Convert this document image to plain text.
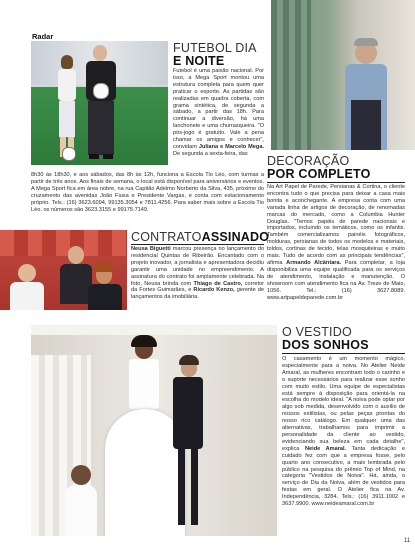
Radar
FUTEBOL DIA
E NOITE
Futebol é uma paixão nacional. Por isso, a Mega Sport montou uma estrutura completa para quem quer praticar o esporte. As partidas são realizadas em quadra coberta, com grama sintética, de segunda a sábado, a partir das 18h. Para continuar a diversão, há uma lanchonete e uma churrasqueira. "O pós-jogo é gratuito. Vale a pena chamar os amigos e conhecer", convidam Juliana e Marcelo Mega. De segunda a sexta-feira, das
8h30 às 18h30, e aos sábados, das 8h às 12h, funciona a Escola Tio Léo, com turmas a partir de três anos. Aos finais de semana, o local está disponível para aniversários e eventos. A Mega Sport fica em área nobre, na rua Capitão Adelmo Norberto da Silva, 435, próximo do cruzamento das avenidas João Fiusa e Presidente Vargas, e conta com estacionamento próprio. Tels.: (16) 3623.6094, 99135.3054 e 7811.4256. Para saber mais sobre a Escola Tio Léo, os números são 3623.3155 e 99175.7149.
DECORAÇÃO
POR COMPLETO
Na Art Papel de Parede, Persianas & Cortina, o cliente encontra tudo o que precisa para deixar a casa mais bonita e aconchegante. A empresa conta com uma variada linha de artigos de decoração, de renomadas marcas do mercado, como a Columbia Hunter Douglas. "Temos papéis de parede nacionais e importados, incluindo os temáticos, como os infantis. Também comercializamos painéis fotográficos, molduras, persianas de todos os modelos e materiais, toldos, cortinas de tecido, telas mosquiteiras e muito mais. Tudo de acordo com as principais tendências", afirma Armando Alcântara. Para completar, a loja disponibiliza uma equipe qualificada para os serviços de atendimento, instalação e manutenção. O showroom com atendimento fica na Av. Treze de Maio, 1056. Tel.: (16) 3627.8089. www.artpapeldeparede.com.br
CONTRATOASSINADO
Neusa Biguetti marcou presença no lançamento do residencial Quintas de Ribeirão. Encantado com o projeto inovador, a jornalista e apresentadora decidiu garantir uma unidade no empreendimento. A assinatura do contrato foi amplamente celebrada. Na foto, Neusa brinda com Thiago de Castro, corretor da Fortes Guimarães, e Ricardo Kenzo, gerente de lançamentos da imobiliária.
O VESTIDO
DOS SONHOS
O casamento é um momento mágico, especialmente para a noiva. No Atelier Neide Amaral, as mulheres encontram todo o carinho e o suporte necessários para realizar esse sonho com muito estilo. Uma equipe de especialistas está sempre à disposição para orientá-la na escolha do modelo ideal. "A noiva pode optar por algo sob medida, desenvolvido com o auxílio de nossos estilistas, ou pelas peças prontas do nosso rico catálogo. Em qualquer uma das alternativas, trabalhamos para imprimir a personalidade da cliente ao vestido, evidenciando sua beleza em cada detalhe", explica Neide Amaral. Tanta dedicação e cuidado fez com que a empresa fosse, pelo quarto ano consecutivo, a mais lembrada pelo público na pesquisa do prêmio Top of Mind, na categoria "Vestidos de Noiva". Há, ainda, o serviço de Dia da Noiva, além de vestidos para festas em geral. O Atelier fica na Av. Independência, 3284. Tels.: (16) 3911.1002 e 3637.9900. www.neideamaral.com.br
11
